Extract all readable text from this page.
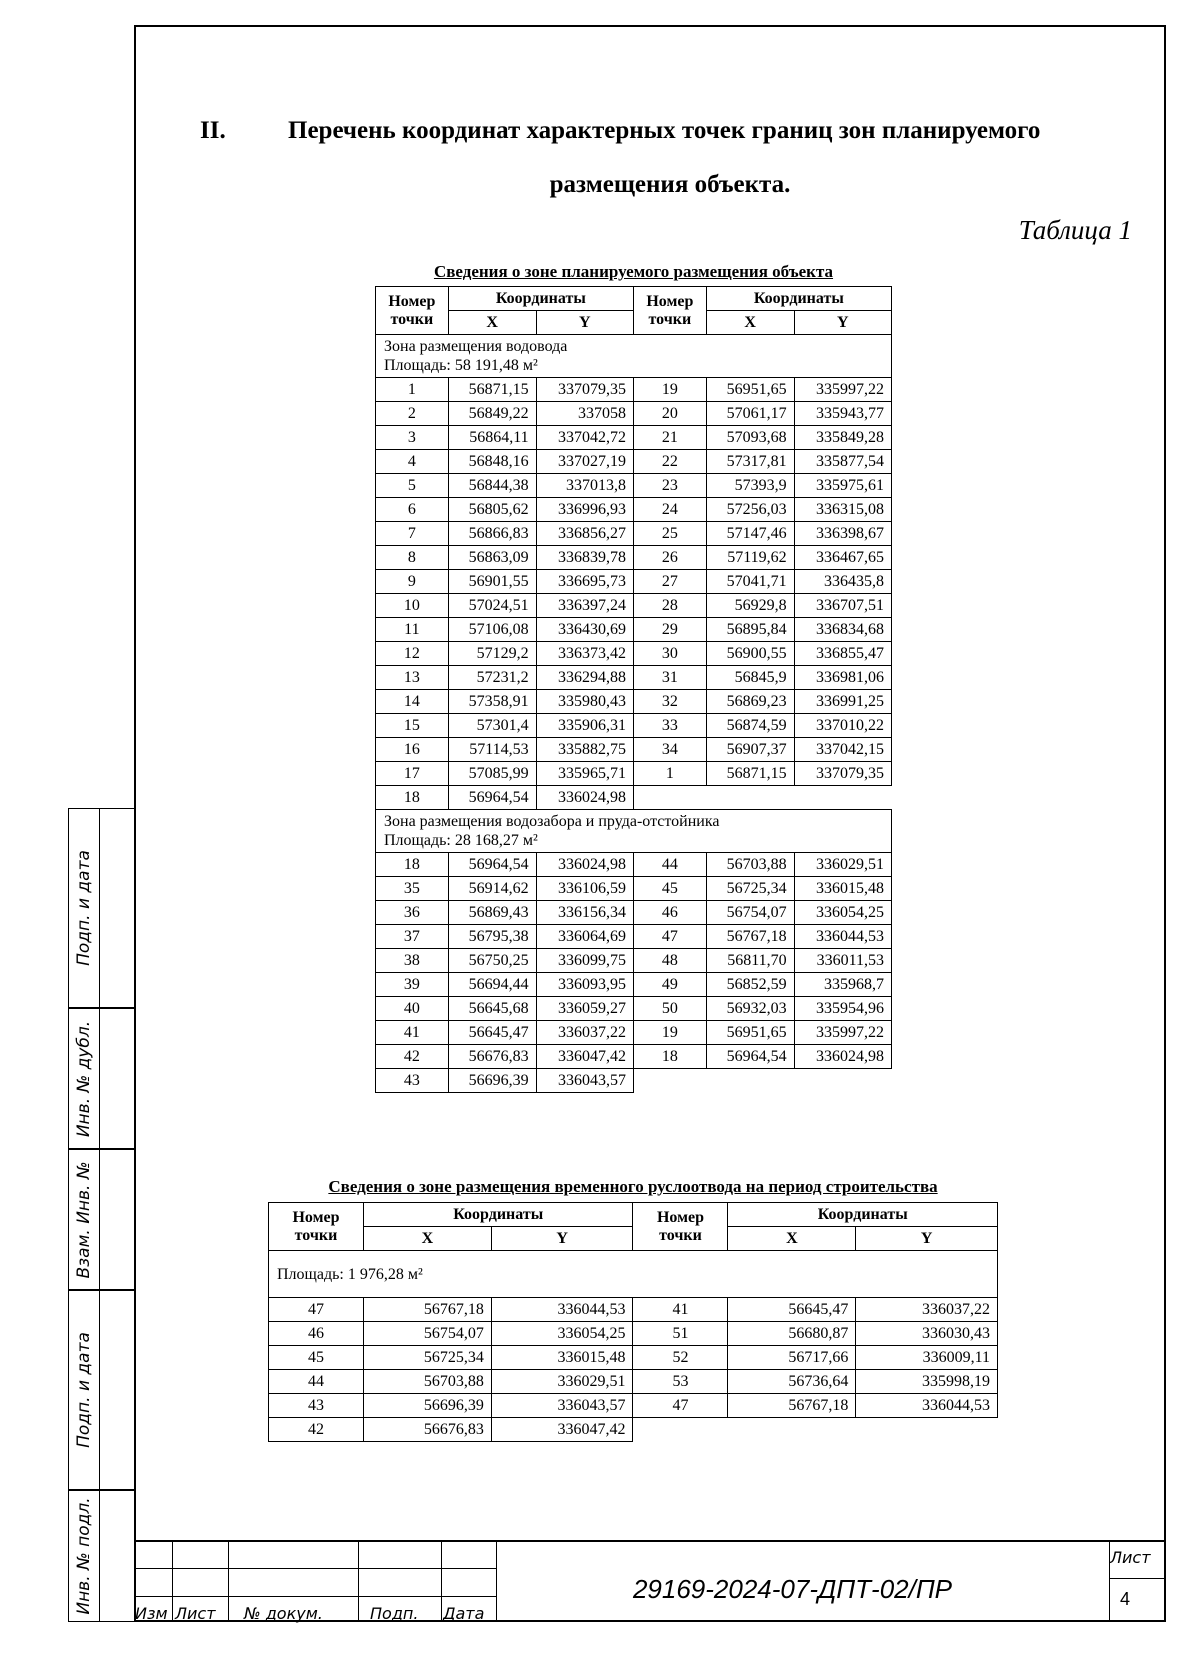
II. Перечень координат характерных точек границ зон планируемого
размещения объекта.
Таблица 1
Сведения о зоне планируемого размещения объекта
Номер
точки	Координаты		Номер
точки	Координаты	
	X	Y		X	Y
Зона размещения водовода
Площадь: 58 191,48 м²					
1	56871,15	337079,35	19	56951,65	335997,22
2	56849,22	337058	20	57061,17	335943,77
3	56864,11	337042,72	21	57093,68	335849,28
4	56848,16	337027,19	22	57317,81	335877,54
5	56844,38	337013,8	23	57393,9	335975,61
6	56805,62	336996,93	24	57256,03	336315,08
7	56866,83	336856,27	25	57147,46	336398,67
8	56863,09	336839,78	26	57119,62	336467,65
9	56901,55	336695,73	27	57041,71	336435,8
10	57024,51	336397,24	28	56929,8	336707,51
11	57106,08	336430,69	29	56895,84	336834,68
12	57129,2	336373,42	30	56900,55	336855,47
13	57231,2	336294,88	31	56845,9	336981,06
14	57358,91	335980,43	32	56869,23	336991,25
15	57301,4	335906,31	33	56874,59	337010,22
16	57114,53	335882,75	34	56907,37	337042,15
17	57085,99	335965,71	1	56871,15	337079,35
18	56964,54	336024,98			
Зона размещения водозабора и пруда-отстойника
Площадь: 28 168,27 м²					
18	56964,54	336024,98	44	56703,88	336029,51
35	56914,62	336106,59	45	56725,34	336015,48
36	56869,43	336156,34	46	56754,07	336054,25
37	56795,38	336064,69	47	56767,18	336044,53
38	56750,25	336099,75	48	56811,70	336011,53
39	56694,44	336093,95	49	56852,59	335968,7
40	56645,68	336059,27	50	56932,03	335954,96
41	56645,47	336037,22	19	56951,65	335997,22
42	56676,83	336047,42	18	56964,54	336024,98
43	56696,39	336043,57			
Сведения о зоне размещения временного руслоотвода на период строительства
Номер
точки	Координаты		Номер
точки	Координаты	
	X	Y		X	Y
Площадь: 1 976,28 м²					
47	56767,18	336044,53	41	56645,47	336037,22
46	56754,07	336054,25	51	56680,87	336030,43
45	56725,34	336015,48	52	56717,66	336009,11
44	56703,88	336029,51	53	56736,64	335998,19
43	56696,39	336043,57	47	56767,18	336044,53
42	56676,83	336047,42			
Подп. и дата
Инв. № дубл.
Взам. Инв. №
Подп. и дата
Инв. № подл.	Изм Лист № докум.	Подп. Дата
29169-2024-07-ДПТ-02/ПР
Лист
4
